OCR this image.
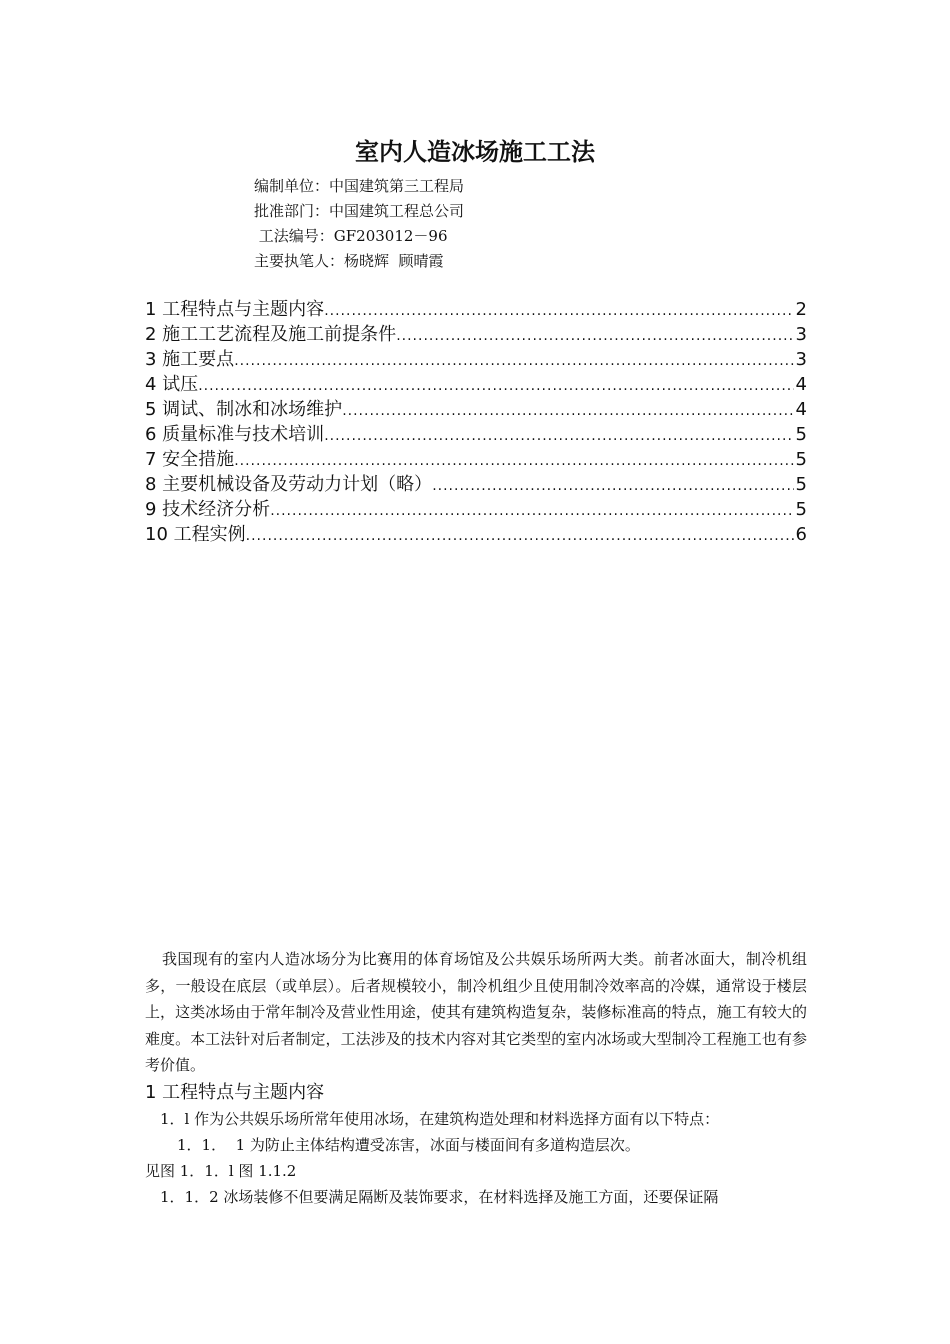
室内人造冰场施工工法
编制单位：中国建筑第三工程局
批准部门：中国建筑工程总公司
工法编号：GF203012－96
主要执笔人：杨晓辉  顾晴霞
1 工程特点与主题内容 .....	2
2 施工工艺流程及施工前提条件 .....	3
3 施工要点 .....	3
4 试压 .....	4
5 调试、制冰和冰场维护 .....	4
6 质量标准与技术培训 .....	5
7 安全措施 .....	5
8 主要机械设备及劳动力计划（略） .....	5
9 技术经济分析 .....	5
10 工程实例 .....	6

我国现有的室内人造冰场分为比赛用的体育场馆及公共娱乐场所两大类。前者冰面大，制冷机组多，一般设在底层（或单层）。后者规模较小，制冷机组少且使用制冷效率高的冷媒，通常设于楼层上，这类冰场由于常年制冷及营业性用途，使其有建筑构造复杂，装修标准高的特点，施工有较大的难度。本工法针对后者制定，工法涉及的技术内容对其它类型的室内冰场或大型制冷工程施工也有参考价值。

1 工程特点与主题内容

1．l 作为公共娱乐场所常年使用冰场，在建筑构造处理和材料选择方面有以下特点：

1．1．  1 为防止主体结构遭受冻害，冰面与楼面间有多道构造层次。

见图 1．1．l 图 1.1.2

1．1．2 冰场装修不但要满足隔断及装饰要求，在材料选择及施工方面，还要保证隔
